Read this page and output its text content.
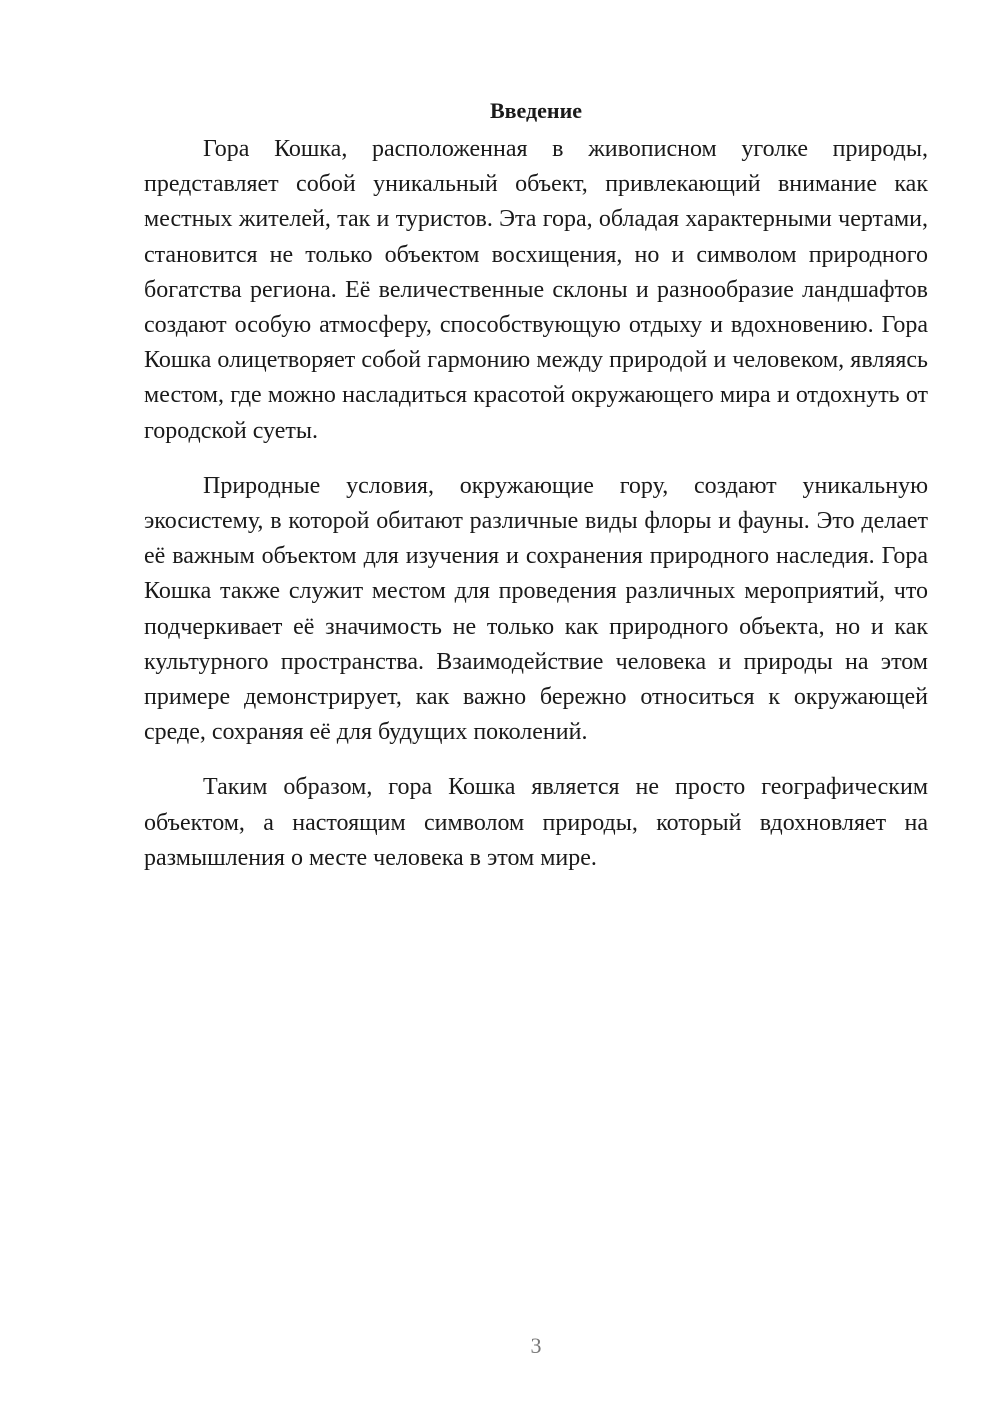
Введение

Гора Кошка, расположенная в живописном уголке природы, представляет собой уникальный объект, привлекающий внимание как местных жителей, так и туристов. Эта гора, обладая характерными чертами, становится не только объектом восхищения, но и символом природного богатства региона. Её величественные склоны и разнообразие ландшафтов создают особую атмосферу, способствующую отдыху и вдохновению. Гора Кошка олицетворяет собой гармонию между природой и человеком, являясь местом, где можно насладиться красотой окружающего мира и отдохнуть от городской суеты.

Природные условия, окружающие гору, создают уникальную экосистему, в которой обитают различные виды флоры и фауны. Это делает её важным объектом для изучения и сохранения природного наследия. Гора Кошка также служит местом для проведения различных мероприятий, что подчеркивает её значимость не только как природного объекта, но и как культурного пространства. Взаимодействие человека и природы на этом примере демонстрирует, как важно бережно относиться к окружающей среде, сохраняя её для будущих поколений.

Таким образом, гора Кошка является не просто географическим объектом, а настоящим символом природы, который вдохновляет на размышления о месте человека в этом мире.

3
